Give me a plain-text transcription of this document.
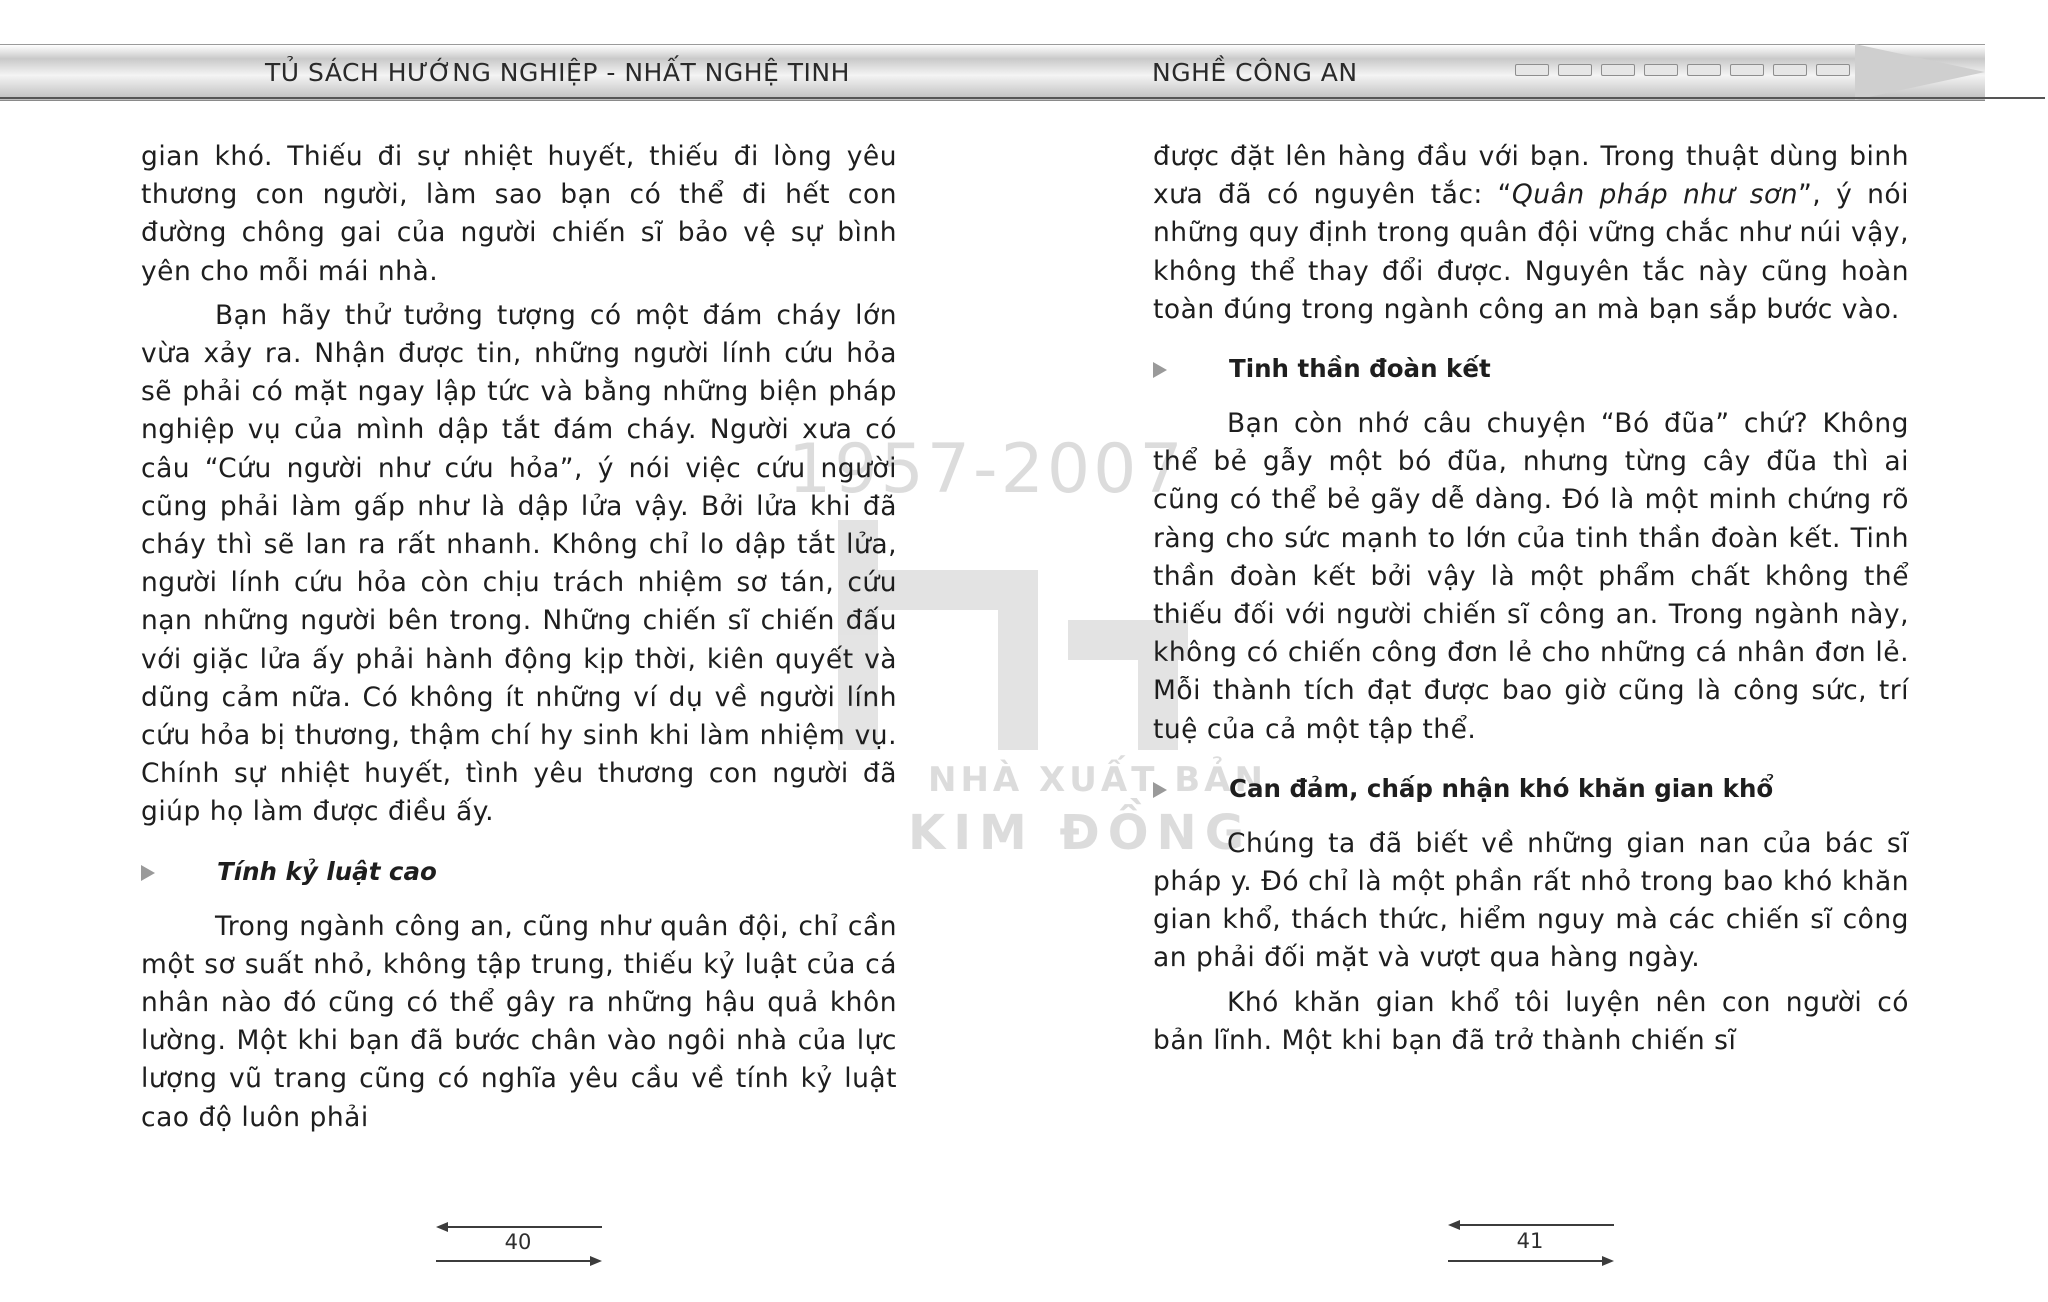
TỦ SÁCH HƯỚNG NGHIỆP - NHẤT NGHỆ TINH	NGHỀ CÔNG AN
1957-2007
NHÀ XUẤT BẢN
KIM ĐỒNG

gian khó. Thiếu đi sự nhiệt huyết, thiếu đi lòng yêu thương con người, làm sao bạn có thể đi hết con đường chông gai của người chiến sĩ bảo vệ sự bình yên cho mỗi mái nhà.

Bạn hãy thử tưởng tượng có một đám cháy lớn vừa xảy ra. Nhận được tin, những người lính cứu hỏa sẽ phải có mặt ngay lập tức và bằng những biện pháp nghiệp vụ của mình dập tắt đám cháy. Người xưa có câu “Cứu người như cứu hỏa”, ý nói việc cứu người cũng phải làm gấp như là dập lửa vậy. Bởi lửa khi đã cháy thì sẽ lan ra rất nhanh. Không chỉ lo dập tắt lửa, người lính cứu hỏa còn chịu trách nhiệm sơ tán, cứu nạn những người bên trong. Những chiến sĩ chiến đấu với giặc lửa ấy phải hành động kịp thời, kiên quyết và dũng cảm nữa. Có không ít những ví dụ về người lính cứu hỏa bị thương, thậm chí hy sinh khi làm nhiệm vụ. Chính sự nhiệt huyết, tình yêu thương con người đã giúp họ làm được điều ấy.

Tính kỷ luật cao

Trong ngành công an, cũng như quân đội, chỉ cần một sơ suất nhỏ, không tập trung, thiếu kỷ luật của cá nhân nào đó cũng có thể gây ra những hậu quả khôn lường. Một khi bạn đã bước chân vào ngôi nhà của lực lượng vũ trang cũng có nghĩa yêu cầu về tính kỷ luật cao độ luôn phải

được đặt lên hàng đầu với bạn. Trong thuật dùng binh xưa đã có nguyên tắc: “Quân pháp như sơn”, ý nói những quy định trong quân đội vững chắc như núi vậy, không thể thay đổi được. Nguyên tắc này cũng hoàn toàn đúng trong ngành công an mà bạn sắp bước vào.

Tinh thần đoàn kết

Bạn còn nhớ câu chuyện “Bó đũa” chứ? Không thể bẻ gẫy một bó đũa, nhưng từng cây đũa thì ai cũng có thể bẻ gãy dễ dàng. Đó là một minh chứng rõ ràng cho sức mạnh to lớn của tinh thần đoàn kết. Tinh thần đoàn kết bởi vậy là một phẩm chất không thể thiếu đối với người chiến sĩ công an. Trong ngành này, không có chiến công đơn lẻ cho những cá nhân đơn lẻ. Mỗi thành tích đạt được bao giờ cũng là công sức, trí tuệ của cả một tập thể.

Can đảm, chấp nhận khó khăn gian khổ

Chúng ta đã biết về những gian nan của bác sĩ pháp y. Đó chỉ là một phần rất nhỏ trong bao khó khăn gian khổ, thách thức, hiểm nguy mà các chiến sĩ công an phải đối mặt và vượt qua hàng ngày.

Khó khăn gian khổ tôi luyện nên con người có bản lĩnh. Một khi bạn đã trở thành chiến sĩ

40	41
